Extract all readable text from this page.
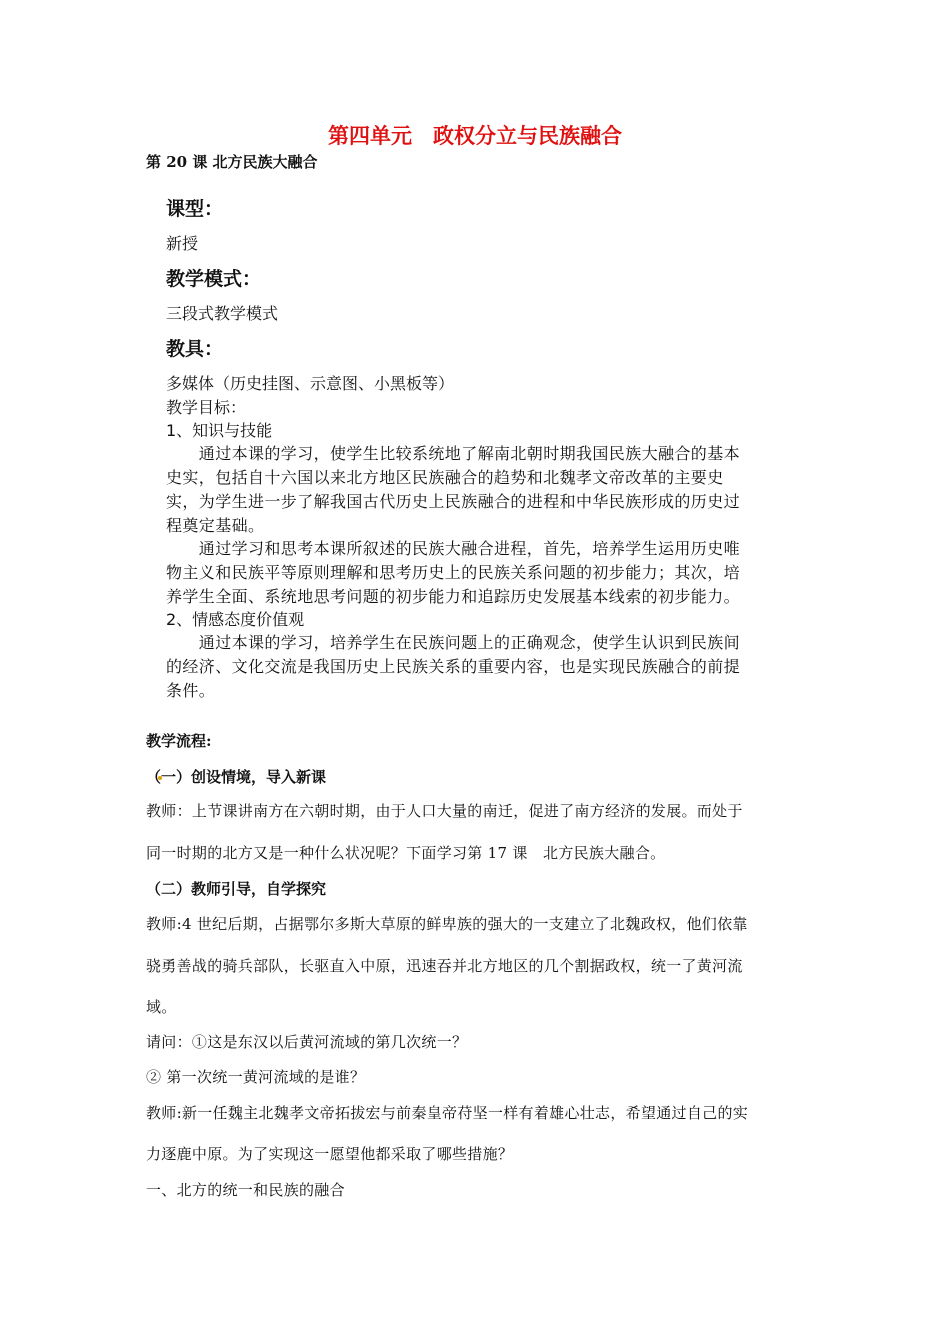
第四单元　政权分立与民族融合
第 20 课 北方民族大融合
课型：
新授
教学模式：
三段式教学模式
教具：
多媒体（历史挂图、示意图、小黑板等）
教学目标：
1、知识与技能
　　通过本课的学习，使学生比较系统地了解南北朝时期我国民族大融合的基本
史实，包括自十六国以来北方地区民族融合的趋势和北魏孝文帝改革的主要史
实，为学生进一步了解我国古代历史上民族融合的进程和中华民族形成的历史过
程奠定基础。
　　通过学习和思考本课所叙述的民族大融合进程，首先，培养学生运用历史唯
物主义和民族平等原则理解和思考历史上的民族关系问题的初步能力；其次，培
养学生全面、系统地思考问题的初步能力和追踪历史发展基本线索的初步能力。
2、情感态度价值观
　　通过本课的学习，培养学生在民族问题上的正确观念，使学生认识到民族间
的经济、文化交流是我国历史上民族关系的重要内容，也是实现民族融合的前提
条件。
教学流程:
（一）创设情境，导入新课
教师：上节课讲南方在六朝时期，由于人口大量的南迁，促进了南方经济的发展。而处于
同一时期的北方又是一种什么状况呢？下面学习第 17 课　北方民族大融合。
（二）教师引导，自学探究
教师:4 世纪后期，占据鄂尔多斯大草原的鲜卑族的强大的一支建立了北魏政权，他们依靠
骁勇善战的骑兵部队，长驱直入中原，迅速吞并北方地区的几个割据政权，统一了黄河流
域。
请问：①这是东汉以后黄河流域的第几次统一？
② 第一次统一黄河流域的是谁？
教师:新一任魏主北魏孝文帝拓拔宏与前秦皇帝苻坚一样有着雄心壮志，希望通过自己的实
力逐鹿中原。为了实现这一愿望他都采取了哪些措施？
一、北方的统一和民族的融合
